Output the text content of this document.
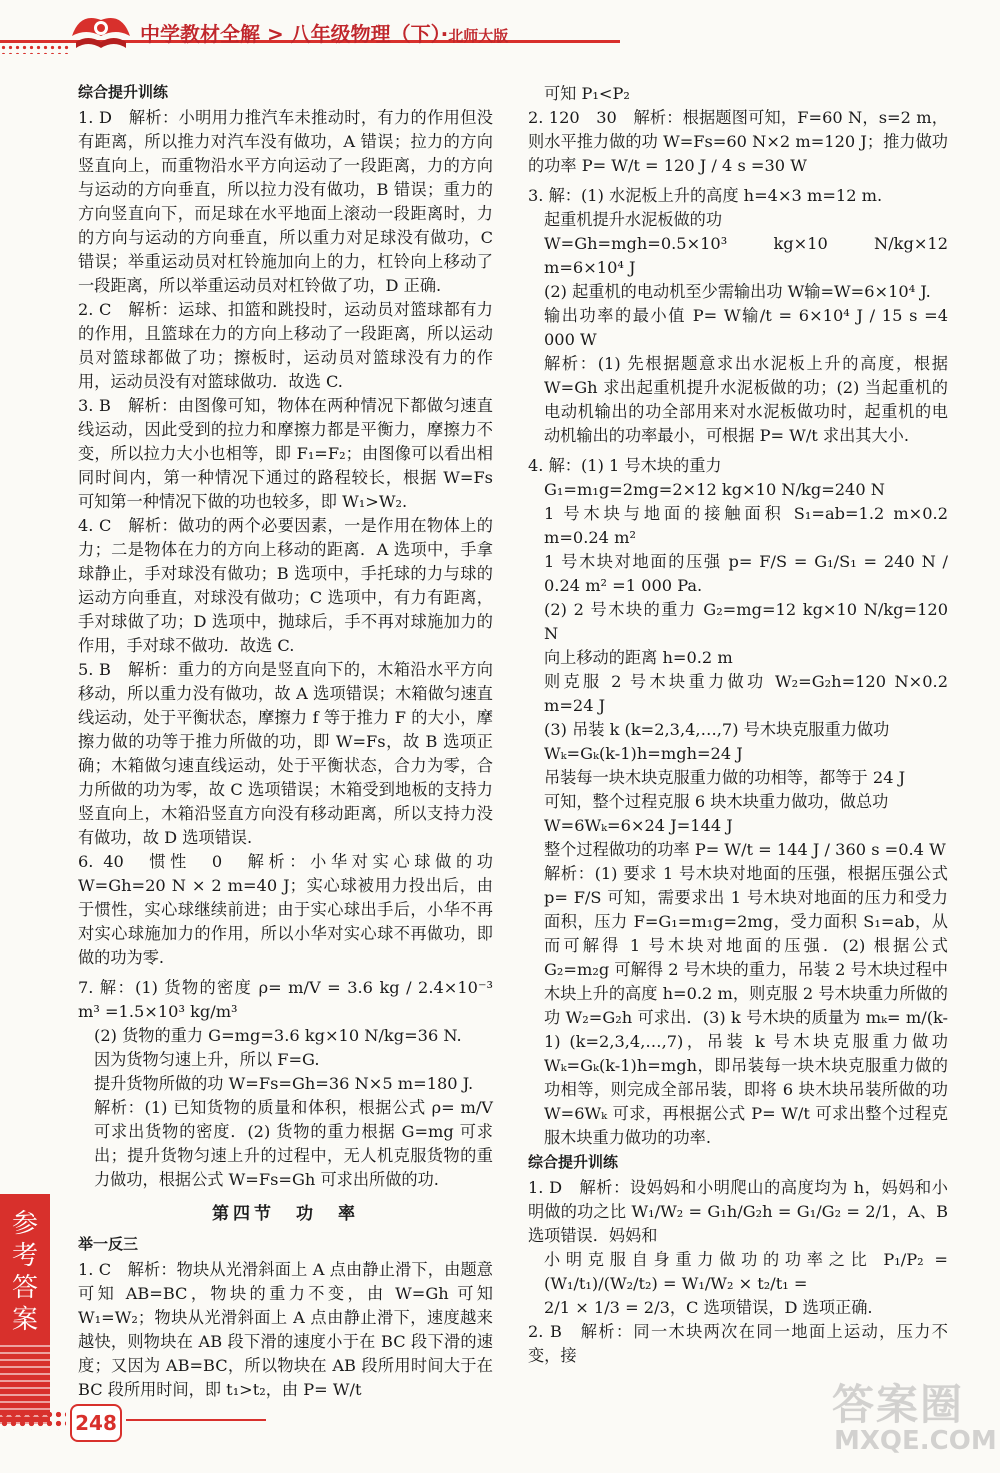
中学教材全解 > 八年级物理（下）·北师大版

综合提升训练

1. D　解析：小明用力推汽车未推动时，有力的作用但没有距离，所以推力对汽车没有做功，A 错误；拉力的方向竖直向上，而重物沿水平方向运动了一段距离，力的方向与运动的方向垂直，所以拉力没有做功，B 错误；重力的方向竖直向下，而足球在水平地面上滚动一段距离时，力的方向与运动的方向垂直，所以重力对足球没有做功，C 错误；举重运动员对杠铃施加向上的力，杠铃向上移动了一段距离，所以举重运动员对杠铃做了功，D 正确.

2. C　解析：运球、扣篮和跳投时，运动员对篮球都有力的作用，且篮球在力的方向上移动了一段距离，所以运动员对篮球都做了功；擦板时，运动员对篮球没有力的作用，运动员没有对篮球做功．故选 C.

3. B　解析：由图像可知，物体在两种情况下都做匀速直线运动，因此受到的拉力和摩擦力都是平衡力，摩擦力不变，所以拉力大小也相等，即 F₁=F₂；由图像可以看出相同时间内，第一种情况下通过的路程较长，根据 W=Fs 可知第一种情况下做的功也较多，即 W₁>W₂.

4. C　解析：做功的两个必要因素，一是作用在物体上的力；二是物体在力的方向上移动的距离．A 选项中，手拿球静止，手对球没有做功；B 选项中，手托球的力与球的运动方向垂直，对球没有做功；C 选项中，有力有距离，手对球做了功；D 选项中，抛球后，手不再对球施加力的作用，手对球不做功．故选 C.

5. B　解析：重力的方向是竖直向下的，木箱沿水平方向移动，所以重力没有做功，故 A 选项错误；木箱做匀速直线运动，处于平衡状态，摩擦力 f 等于推力 F 的大小，摩擦力做的功等于推力所做的功，即 W=Fs，故 B 选项正确；木箱做匀速直线运动，处于平衡状态，合力为零，合力所做的功为零，故 C 选项错误；木箱受到地板的支持力竖直向上，木箱沿竖直方向没有移动距离，所以支持力没有做功，故 D 选项错误.

6. 40　惯性　0　解析：小华对实心球做的功 W=Gh=20 N × 2 m=40 J；实心球被用力投出后，由于惯性，实心球继续前进；由于实心球出手后，小华不再对实心球施加力的作用，所以小华对实心球不再做功，即做的功为零.

7. 解：(1) 货物的密度 ρ= m/V = 3.6 kg / 2.4×10⁻³ m³ =1.5×10³ kg/m³

(2) 货物的重力 G=mg=3.6 kg×10 N/kg=36 N.

因为货物匀速上升，所以 F=G.

提升货物所做的功 W=Fs=Gh=36 N×5 m=180 J.

解析：(1) 已知货物的质量和体积，根据公式 ρ= m/V 可求出货物的密度．(2) 货物的重力根据 G=mg 可求出；提升货物匀速上升的过程中，无人机克服货物的重力做功，根据公式 W=Fs=Gh 可求出所做的功.

第四节　功　率

举一反三

1. C　解析：物块从光滑斜面上 A 点由静止滑下，由题意可知 AB=BC，物块的重力不变，由 W=Gh 可知 W₁=W₂；物块从光滑斜面上 A 点由静止滑下，速度越来越快，则物块在 AB 段下滑的速度小于在 BC 段下滑的速度；又因为 AB=BC，所以物块在 AB 段所用时间大于在 BC 段所用时间，即 t₁>t₂，由 P= W/t

可知 P₁<P₂

2. 120　30　解析：根据题图可知，F=60 N，s=2 m，则水平推力做的功 W=Fs=60 N×2 m=120 J；推力做功的功率 P= W/t = 120 J / 4 s =30 W

3. 解：(1) 水泥板上升的高度 h=4×3 m=12 m.

起重机提升水泥板做的功

W=Gh=mgh=0.5×10³ kg×10 N/kg×12 m=6×10⁴ J

(2) 起重机的电动机至少需输出功 W输=W=6×10⁴ J.

输出功率的最小值 P= W输/t = 6×10⁴ J / 15 s =4 000 W

解析：(1) 先根据题意求出水泥板上升的高度，根据 W=Gh 求出起重机提升水泥板做的功；(2) 当起重机的电动机输出的功全部用来对水泥板做功时，起重机的电动机输出的功率最小，可根据 P= W/t 求出其大小.

4. 解：(1) 1 号木块的重力

G₁=m₁g=2mg=2×12 kg×10 N/kg=240 N

1 号木块与地面的接触面积 S₁=ab=1.2 m×0.2 m=0.24 m²

1 号木块对地面的压强 p= F/S = G₁/S₁ = 240 N / 0.24 m² =1 000 Pa.

(2) 2 号木块的重力 G₂=mg=12 kg×10 N/kg=120 N

向上移动的距离 h=0.2 m

则克服 2 号木块重力做功 W₂=G₂h=120 N×0.2 m=24 J

(3) 吊装 k (k=2,3,4,…,7) 号木块克服重力做功

Wₖ=Gₖ(k-1)h=mgh=24 J

吊装每一块木块克服重力做的功相等，都等于 24 J

可知，整个过程克服 6 块木块重力做功，做总功

W=6Wₖ=6×24 J=144 J

整个过程做功的功率 P= W/t = 144 J / 360 s =0.4 W

解析：(1) 要求 1 号木块对地面的压强，根据压强公式 p= F/S 可知，需要求出 1 号木块对地面的压力和受力面积，压力 F=G₁=m₁g=2mg，受力面积 S₁=ab，从而可解得 1 号木块对地面的压强．(2) 根据公式 G₂=m₂g 可解得 2 号木块的重力，吊装 2 号木块过程中木块上升的高度 h=0.2 m，则克服 2 号木块重力所做的功 W₂=G₂h 可求出．(3) k 号木块的质量为 mₖ= m/(k-1) (k=2,3,4,…,7)，吊装 k 号木块克服重力做功 Wₖ=Gₖ(k-1)h=mgh，即吊装每一块木块克服重力做的功相等，则完成全部吊装，即将 6 块木块吊装所做的功 W=6Wₖ 可求，再根据公式 P= W/t 可求出整个过程克服木块重力做功的功率.

综合提升训练

1. D　解析：设妈妈和小明爬山的高度均为 h，妈妈和小明做的功之比 W₁/W₂ = G₁h/G₂h = G₁/G₂ = 2/1，A、B 选项错误．妈妈和

小明克服自身重力做功的功率之比 P₁/P₂ = (W₁/t₁)/(W₂/t₂) = W₁/W₂ × t₂/t₁ =

2/1 × 1/3 = 2/3，C 选项错误，D 选项正确.

2. B　解析：同一木块两次在同一地面上运动，压力不变，接

参考答案
248	答案圈
MXQE.COM
